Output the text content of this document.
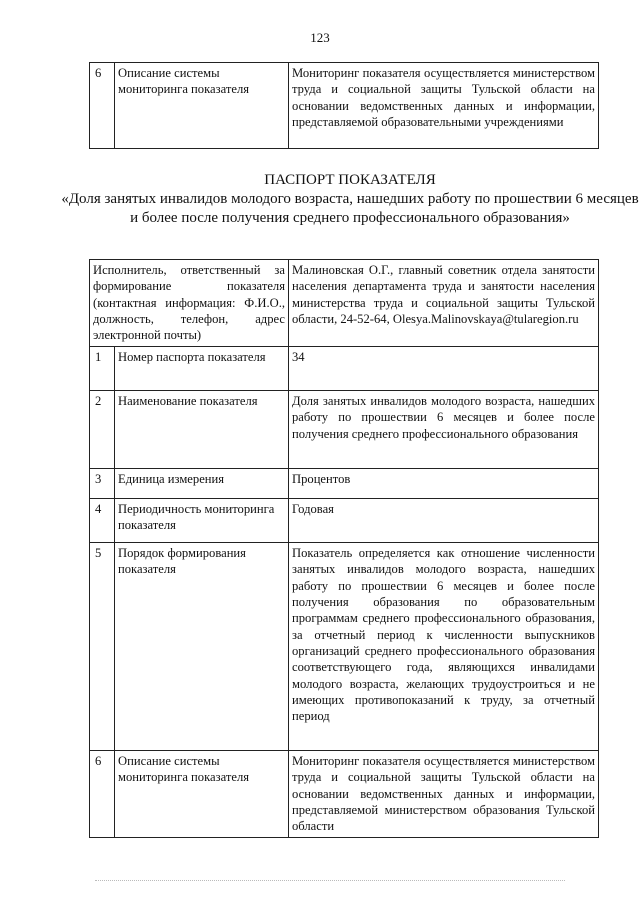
123
6	Описание системы мониторинга показателя	Мониторинг показателя осуществляется министерством труда и социальной защиты Тульской области на основании ведомственных данных и информации, представляемой образовательными учреждениями
ПАСПОРТ ПОКАЗАТЕЛЯ
«Доля занятых инвалидов молодого возраста, нашедших работу по прошествии 6 месяцев и более после получения среднего профессионального образования»
Исполнитель, ответственный за формирование показателя (контактная информация: Ф.И.О., должность, телефон, адрес электронной почты)		Малиновская О.Г., главный советник отдела занятости населения департамента труда и занятости населения министерства труда и социальной защиты Тульской области, 24-52-64, Olesya.Malinovskaya@tularegion.ru
1	Номер паспорта показателя	34
2	Наименование показателя	Доля занятых инвалидов молодого возраста, нашедших работу по прошествии 6 месяцев и более после получения среднего профессионального образования
3	Единица измерения	Процентов
4	Периодичность мониторинга показателя	Годовая
5	Порядок формирования показателя	Показатель определяется как отношение численности занятых инвалидов молодого возраста, нашедших работу по прошествии 6 месяцев и более после получения образования по образовательным программам среднего профессионального образования, за отчетный период к численности выпускников организаций среднего профессионального образования соответствующего года, являющихся инвалидами молодого возраста, желающих трудоустроиться и не имеющих противопоказаний к труду, за отчетный период
6	Описание системы мониторинга показателя	Мониторинг показателя осуществляется министерством труда и социальной защиты Тульской области на основании ведомственных данных и информации, представляемой министерством образования Тульской области
